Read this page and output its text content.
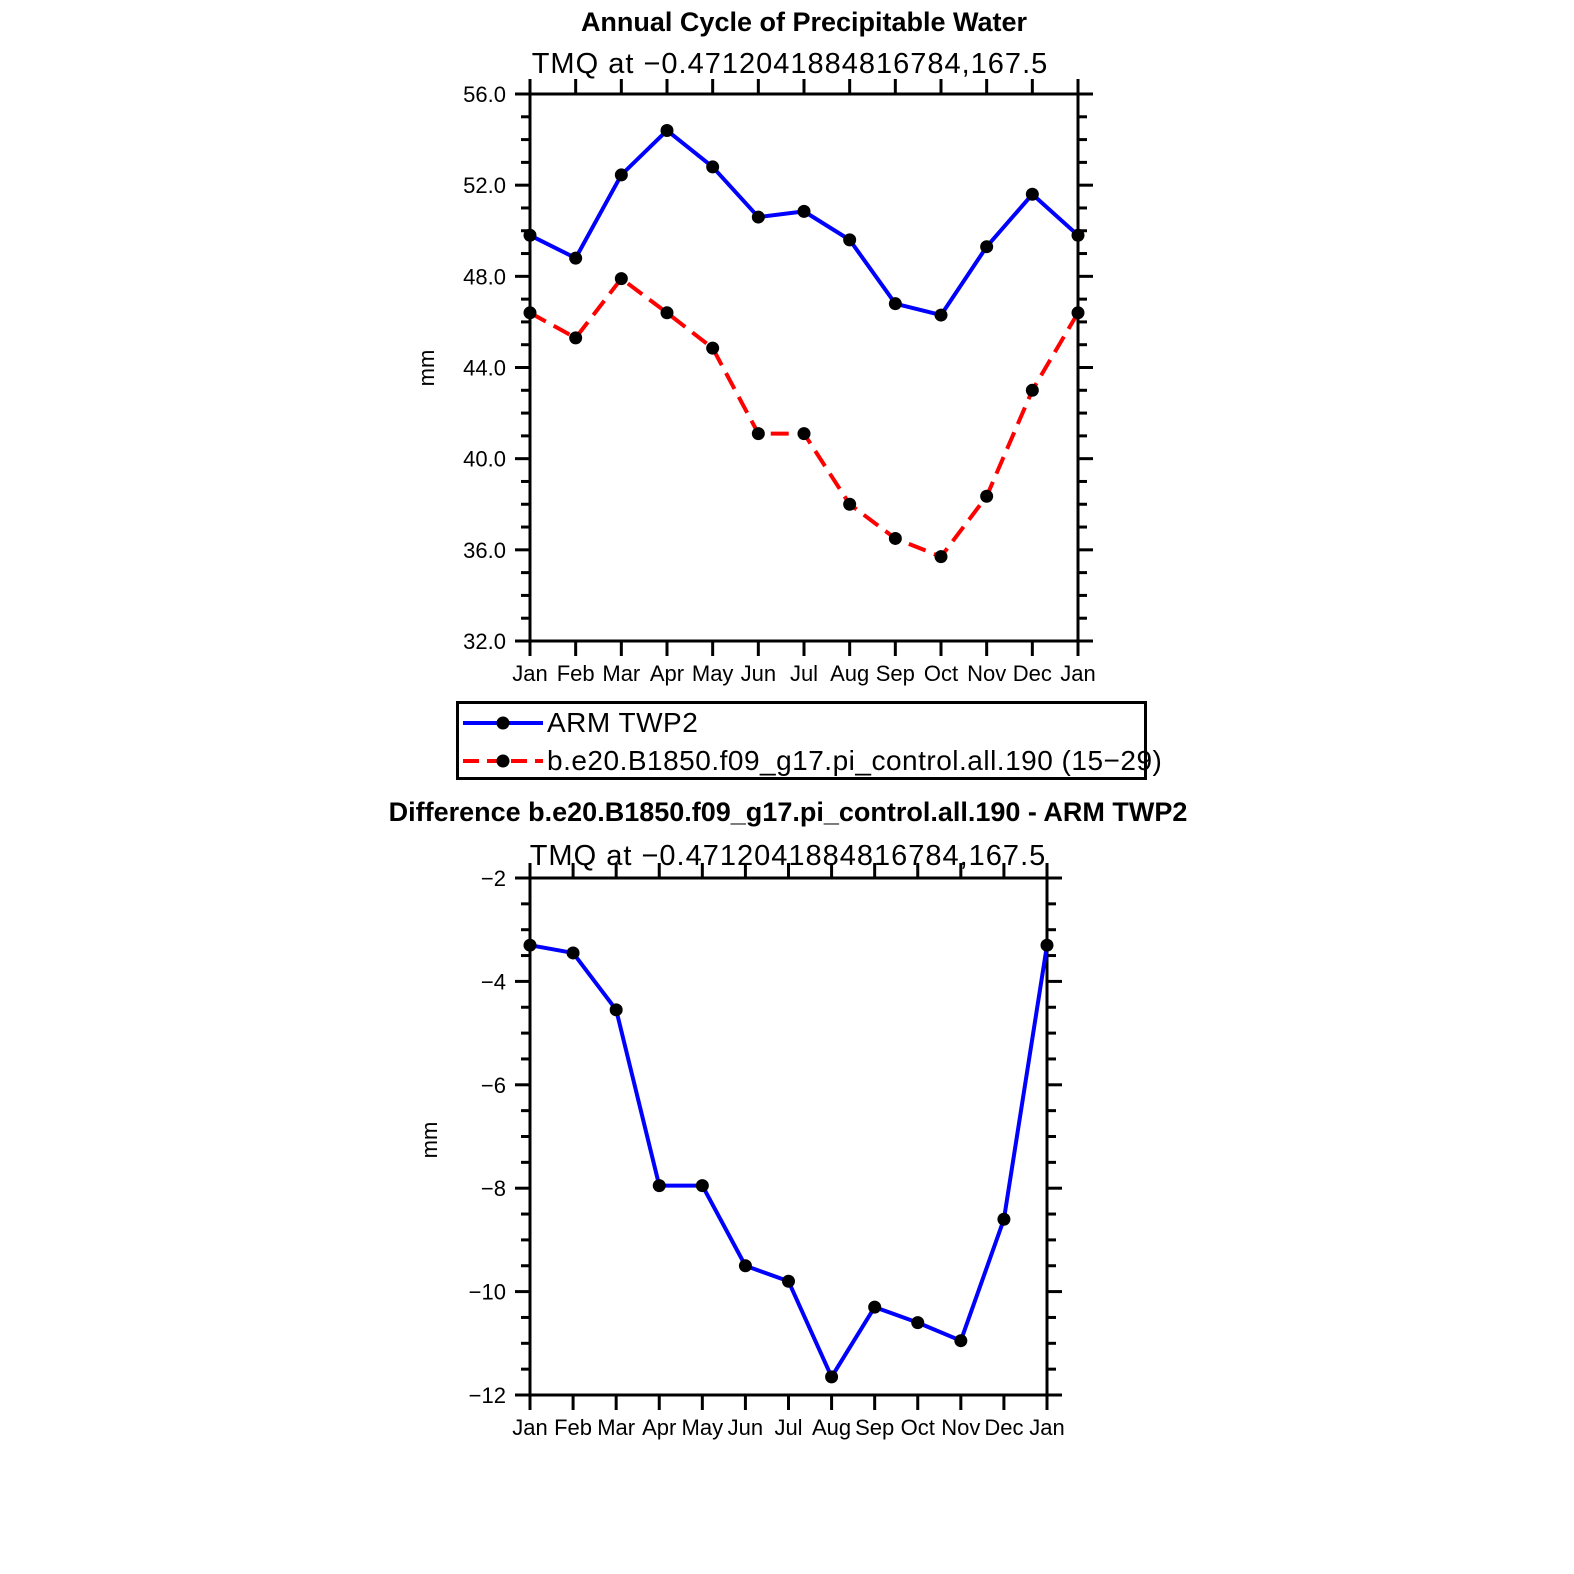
Annual Cycle of Precipitable Water
TMQ at −0.4712041884816784,167.5
mm
32.0
36.0
40.0
44.0
48.0
52.0
56.0
Jan Feb Mar Apr May Jun Jul Aug Sep Oct Nov Dec Jan
ARM TWP2
b.e20.B1850.f09_g17.pi_control.all.190 (15−29)
Difference b.e20.B1850.f09_g17.pi_control.all.190 - ARM TWP2
TMQ at −0.4712041884816784,167.5
mm
−12
−10
−8
−6
−4
−2
Jan Feb Mar Apr May Jun Jul Aug Sep Oct Nov Dec Jan
